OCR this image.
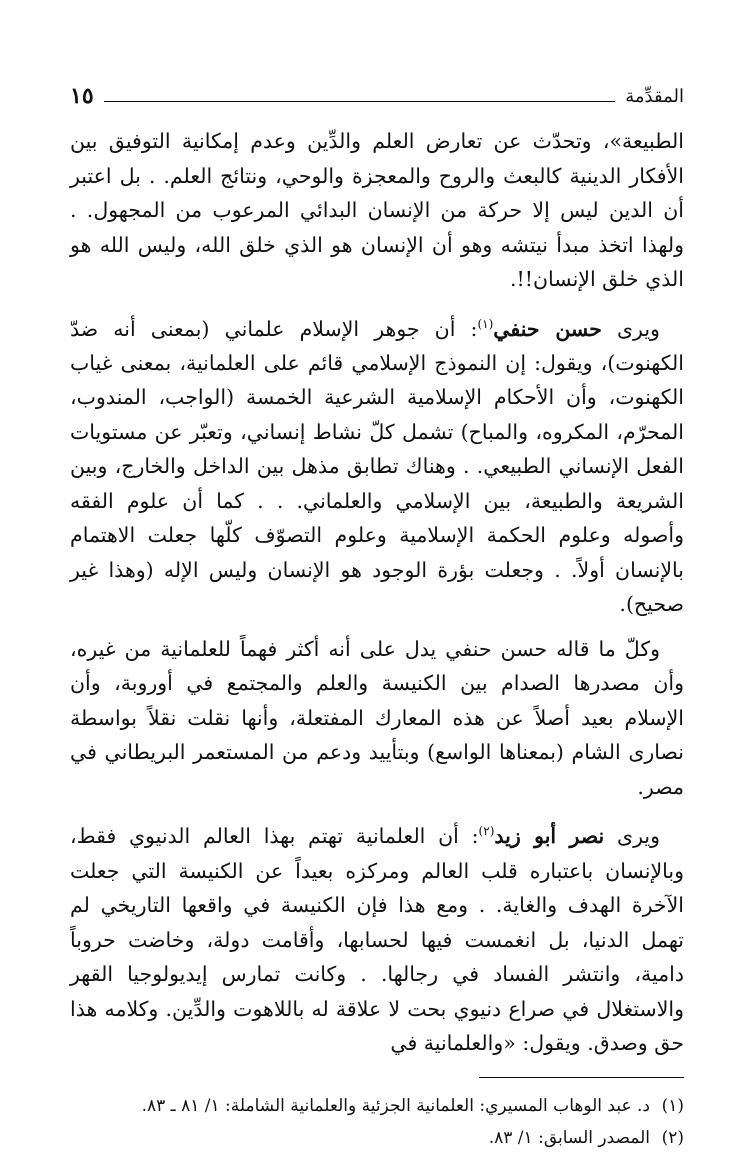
المقدِّمة
١٥

الطبيعة»، وتحدّث عن تعارض العلم والدِّين وعدم إمكانية التوفيق بين الأفكار الدينية كالبعث والروح والمعجزة والوحي، ونتائج العلم. . بل اعتبر أن الدين ليس إلا حركة من الإنسان البدائي المرعوب من المجهول. . ولهذا اتخذ مبدأ نيتشه وهو أن الإنسان هو الذي خلق الله، وليس الله هو الذي خلق الإنسان!!.

ويرى حسن حنفي$^{(١)}$: أن جوهر الإسلام علماني (بمعنى أنه ضدّ الكهنوت)، ويقول: إن النموذج الإسلامي قائم على العلمانية، بمعنى غياب الكهنوت، وأن الأحكام الإسلامية الشرعية الخمسة (الواجب، المندوب، المحرّم، المكروه، والمباح) تشمل كلّ نشاط إنساني، وتعبّر عن مستويات الفعل الإنساني الطبيعي. . وهناك تطابق مذهل بين الداخل والخارج، وبين الشريعة والطبيعة، بين الإسلامي والعلماني. . . كما أن علوم الفقه وأصوله وعلوم الحكمة الإسلامية وعلوم التصوّف كلّها جعلت الاهتمام بالإنسان أولاً. . وجعلت بؤرة الوجود هو الإنسان وليس الإله (وهذا غير صحيح).

وكلّ ما قاله حسن حنفي يدل على أنه أكثر فهماً للعلمانية من غيره، وأن مصدرها الصدام بين الكنيسة والعلم والمجتمع في أوروبة، وأن الإسلام بعيد أصلاً عن هذه المعارك المفتعلة، وأنها نقلت نقلاً بواسطة نصارى الشام (بمعناها الواسع) وبتأييد ودعم من المستعمر البريطاني في مصر.

ويرى نصر أبو زيد$^{(٢)}$: أن العلمانية تهتم بهذا العالم الدنيوي فقط، وبالإنسان باعتباره قلب العالم ومركزه بعيداً عن الكنيسة التي جعلت الآخرة الهدف والغاية. . ومع هذا فإن الكنيسة في واقعها التاريخي لم تهمل الدنيا، بل انغمست فيها لحسابها، وأقامت دولة، وخاضت حروباً دامية، وانتشر الفساد في رجالها. . وكانت تمارس إيديولوجيا القهر والاستغلال في صراع دنيوي بحت لا علاقة له باللاهوت والدِّين. وكلامه هذا حق وصدق. ويقول: «والعلمانية في

(١)د. عبد الوهاب المسيري: العلمانية الجزئية والعلمانية الشاملة: ١/ ٨١ ـ ٨٣.
(٢)المصدر السابق: ١/ ٨٣.
